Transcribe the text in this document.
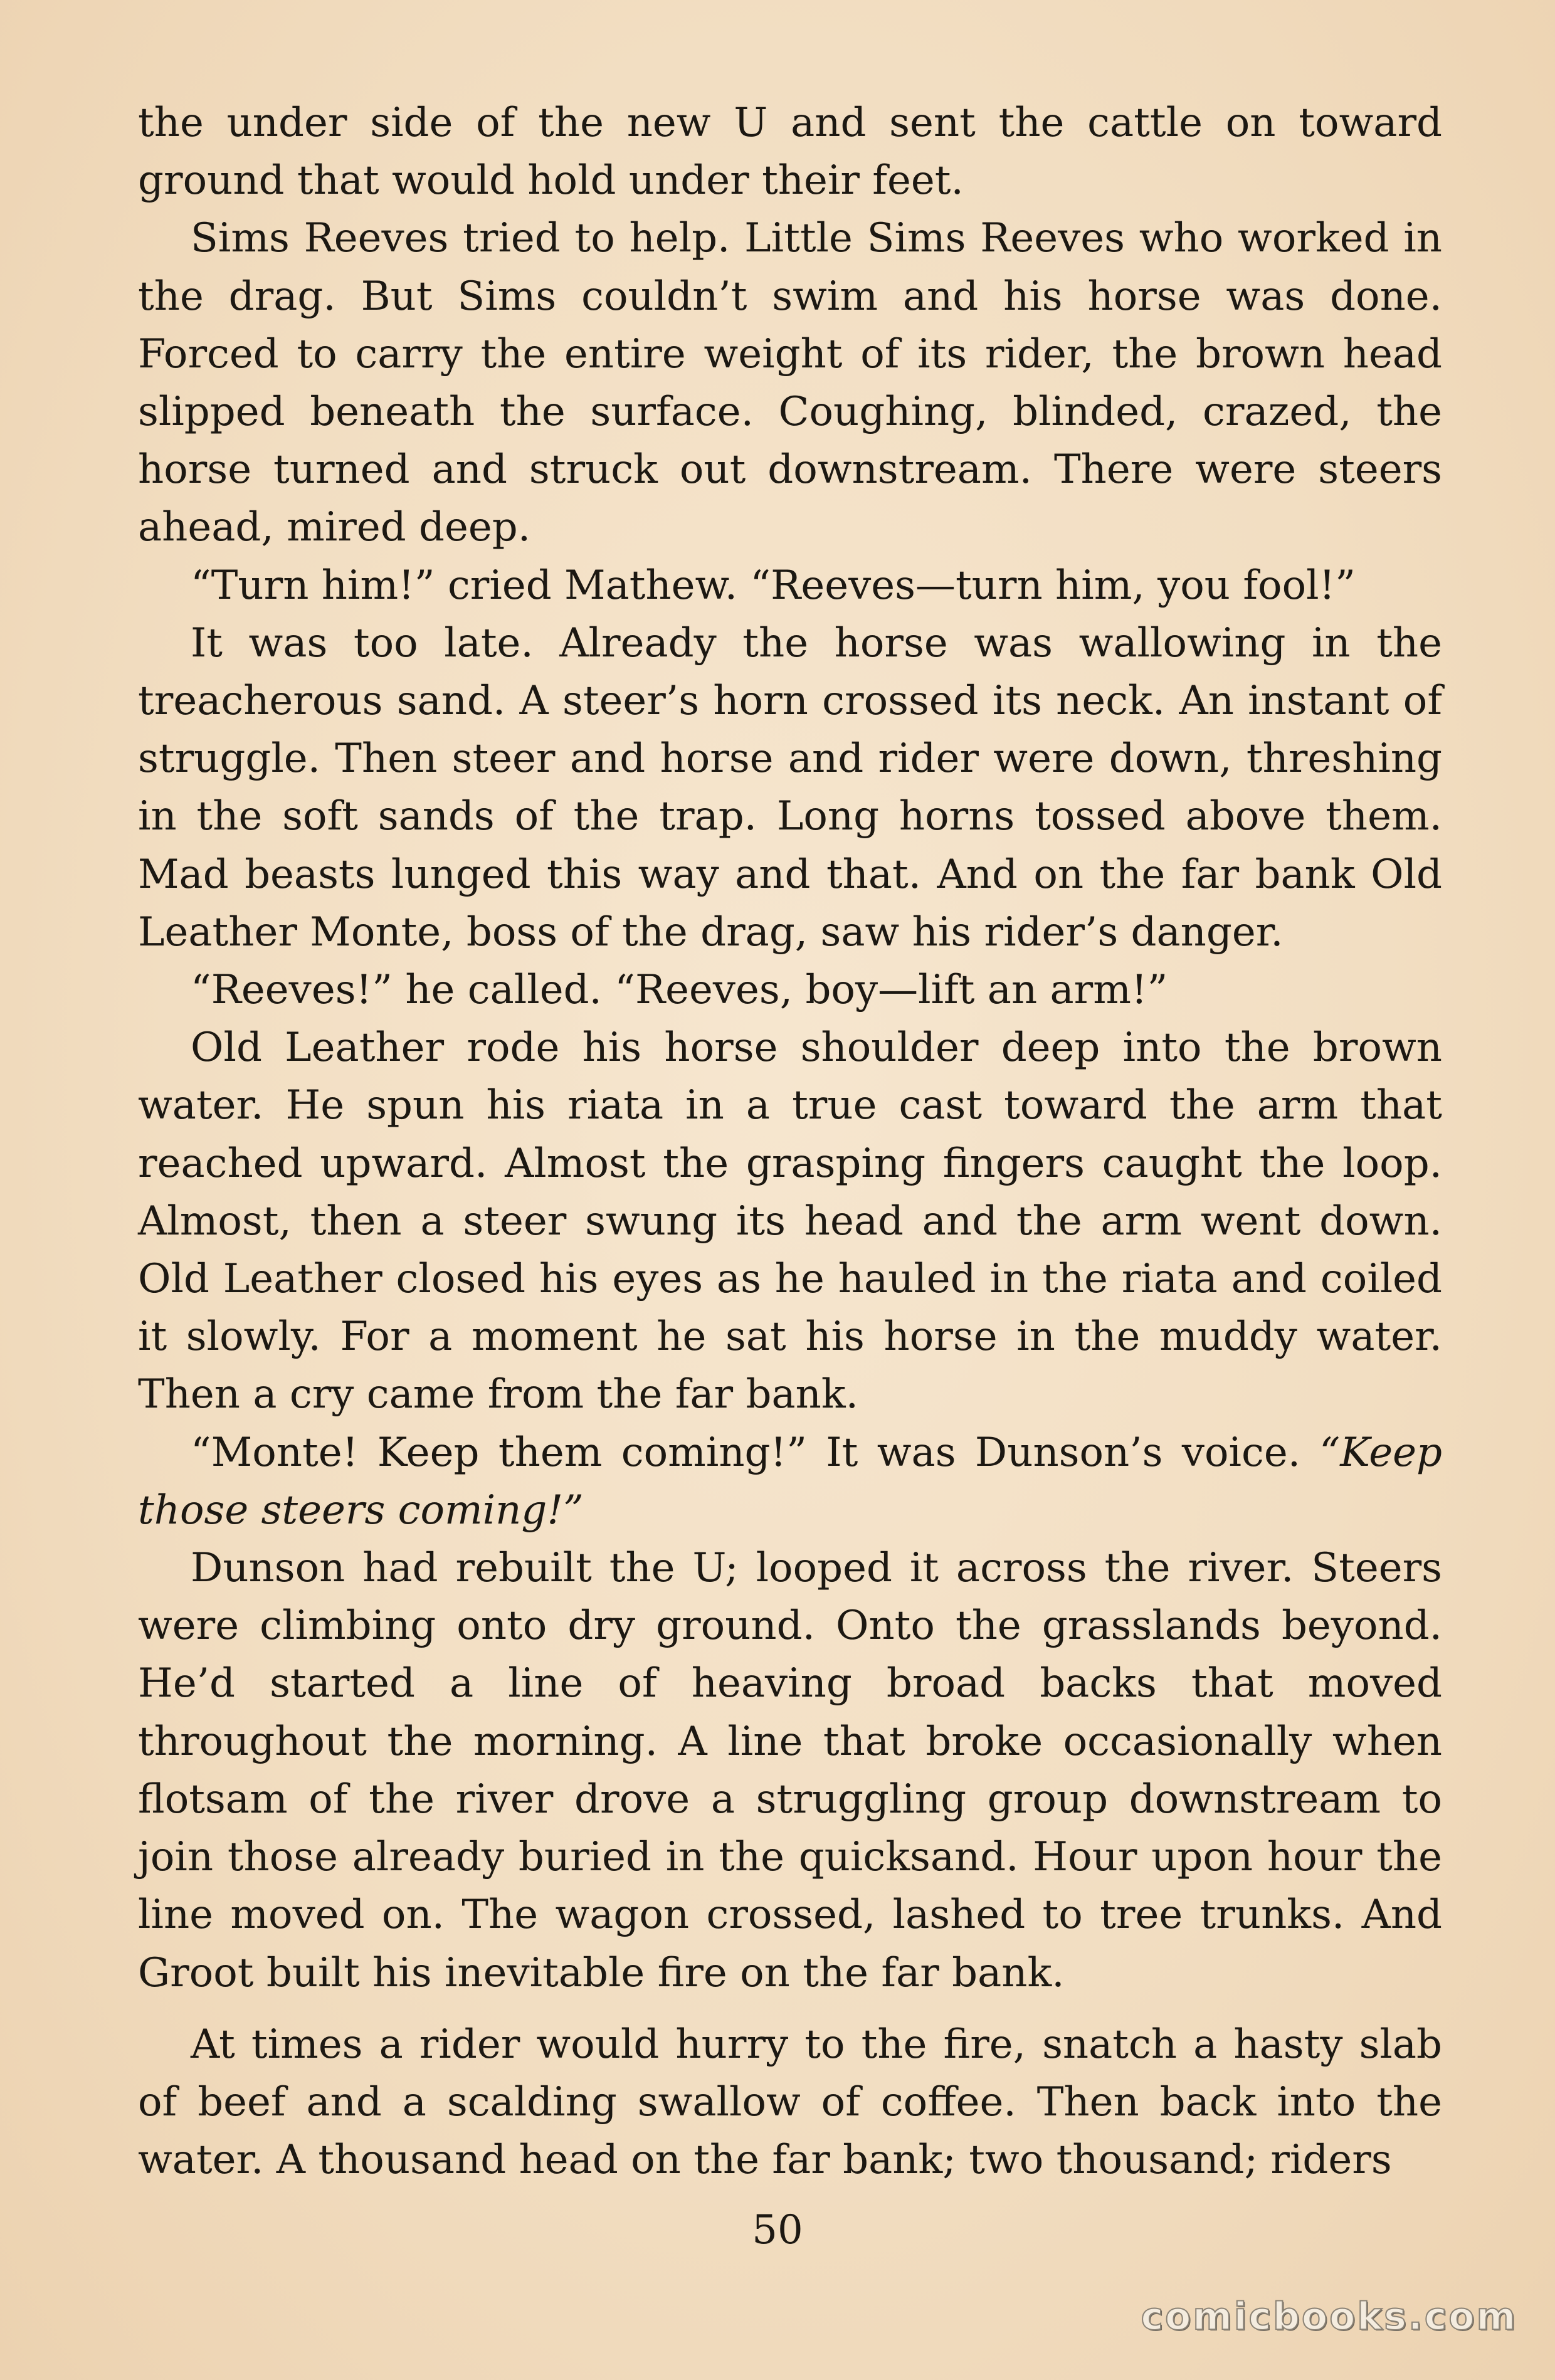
the under side of the new U and sent the cattle on toward ground that would hold under their feet.

Sims Reeves tried to help. Little Sims Reeves who worked in the drag. But Sims couldn’t swim and his horse was done. Forced to carry the entire weight of its rider, the brown head slipped beneath the surface. Coughing, blinded, crazed, the horse turned and struck out downstream. There were steers ahead, mired deep.

“Turn him!” cried Mathew. “Reeves—turn him, you fool!”

It was too late. Already the horse was wallowing in the treacherous sand. A steer’s horn crossed its neck. An instant of struggle. Then steer and horse and rider were down, threshing in the soft sands of the trap. Long horns tossed above them. Mad beasts lunged this way and that. And on the far bank Old Leather Monte, boss of the drag, saw his rider’s danger.

“Reeves!” he called. “Reeves, boy—lift an arm!”

Old Leather rode his horse shoulder deep into the brown water. He spun his riata in a true cast toward the arm that reached upward. Almost the grasping fingers caught the loop. Almost, then a steer swung its head and the arm went down. Old Leather closed his eyes as he hauled in the riata and coiled it slowly. For a moment he sat his horse in the muddy water. Then a cry came from the far bank.

“Monte! Keep them coming!” It was Dunson’s voice. “Keep those steers coming!”

Dunson had rebuilt the U; looped it across the river. Steers were climbing onto dry ground. Onto the grasslands beyond. He’d started a line of heaving broad backs that moved throughout the morning. A line that broke occasionally when flotsam of the river drove a struggling group downstream to join those already buried in the quicksand. Hour upon hour the line moved on. The wagon crossed, lashed to tree trunks. And Groot built his inevitable fire on the far bank.

At times a rider would hurry to the fire, snatch a hasty slab of beef and a scalding swallow of coffee. Then back into the water. A thousand head on the far bank; two thousand; riders

50
comicbooks.com
